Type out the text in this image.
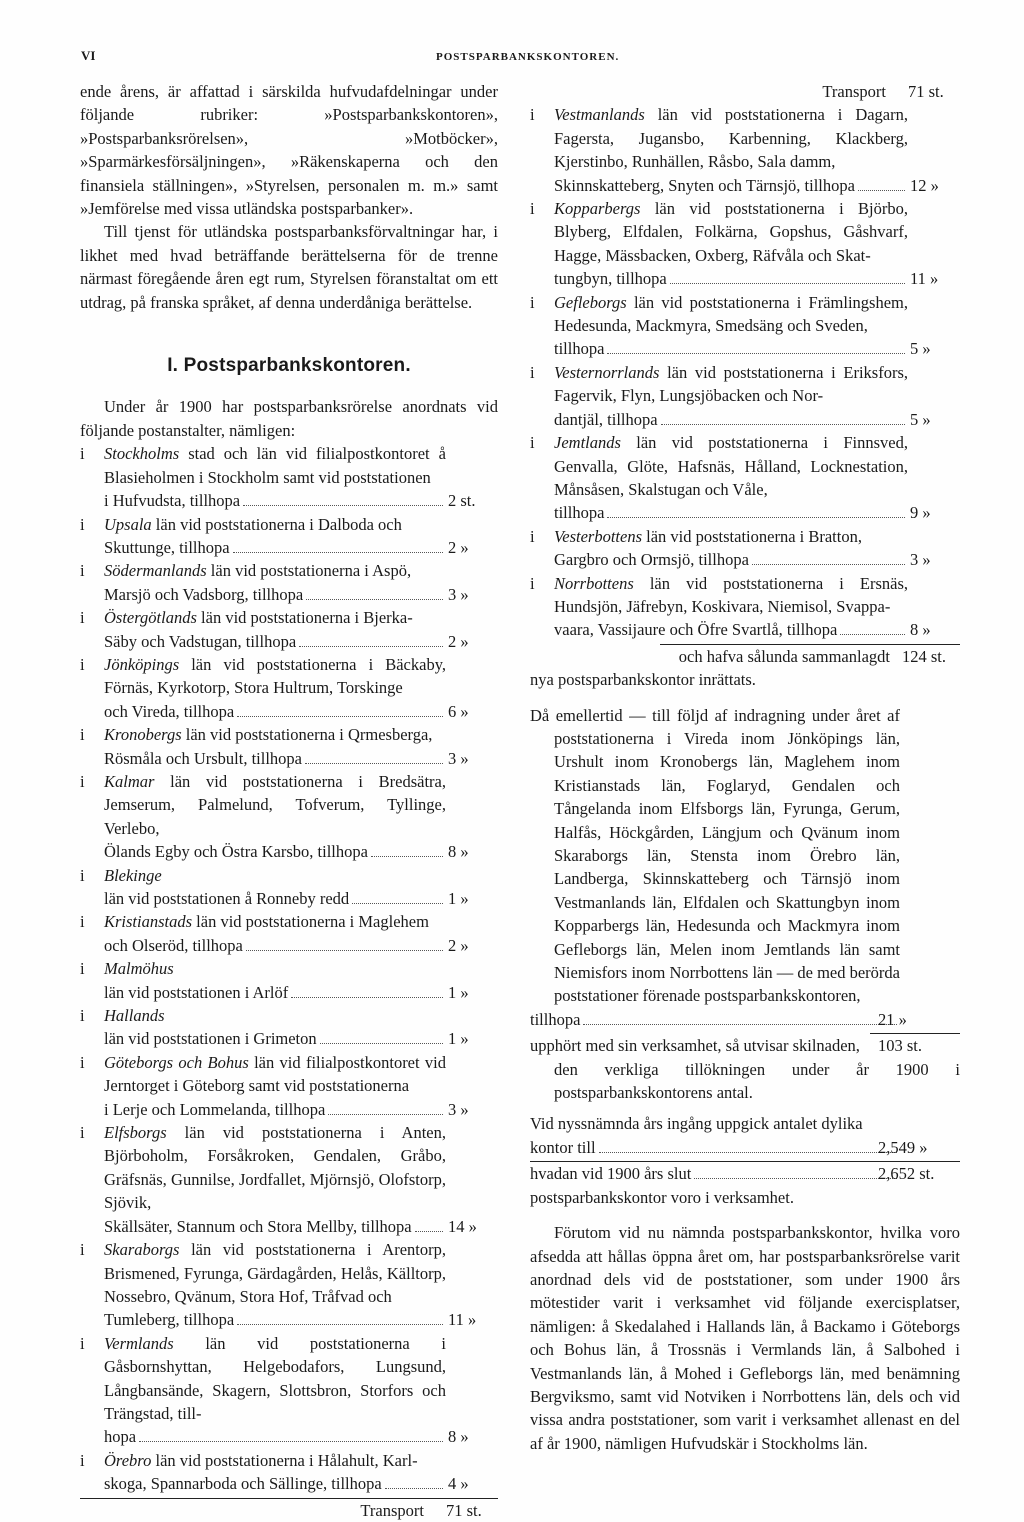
VI	POSTSPARBANKSKONTOREN.

ende årens, är affattad i särskilda hufvudafdelningar under följande rubriker: »Postsparbankskontoren», »Postsparbanksrörelsen», »Motböcker», »Sparmärkesförsäljningen», »Räkenskaperna och den finansiela ställningen», »Styrelsen, personalen m. m.» samt »Jemförelse med vissa utländska postsparbanker».

Till tjenst för utländska postsparbanksförvaltningar har, i likhet med hvad beträffande berättelserna för de trenne närmast föregående åren egt rum, Styrelsen föranstaltat om ett utdrag, på franska språket, af denna underdåniga berättelse.

I. Postsparbankskontoren.

Under år 1900 har postsparbanksrörelse anordnats vid följande postanstalter, nämligen:

i Stockholms stad och län vid filialpostkontoret å Blasieholmen i Stockholm samt vid poststationen
i Hufvudsta, tillhopa	2 st.
i Upsala län vid poststationerna i Dalboda och
Skuttunge, tillhopa	2 »
i Södermanlands län vid poststationerna i Aspö,
Marsjö och Vadsborg, tillhopa	3 »
i Östergötlands län vid poststationerna i Bjerka-
Säby och Vadstugan, tillhopa	2 »
i Jönköpings län vid poststationerna i Bäckaby, Förnäs, Kyrkotorp, Stora Hultrum, Torskinge
och Vireda, tillhopa	6 »
i Kronobergs län vid poststationerna i Qrmesberga,
Rösmåla och Ursbult, tillhopa	3 »
i Kalmar län vid poststationerna i Bredsätra, Jemserum, Palmelund, Tofverum, Tyllinge, Verlebo,
Ölands Egby och Östra Karsbo, tillhopa	8 »
i Blekinge
län vid poststationen å Ronneby redd	1 »
i Kristianstads län vid poststationerna i Maglehem
och Olseröd, tillhopa	2 »
i Malmöhus
län vid poststationen i Arlöf	1 »
i Hallands
län vid poststationen i Grimeton	1 »
i Göteborgs och Bohus län vid filialpostkontoret vid Jerntorget i Göteborg samt vid poststationerna
i Lerje och Lommelanda, tillhopa	3 »
i Elfsborgs län vid poststationerna i Anten, Björboholm, Forsåkroken, Gendalen, Gråbo, Gräfsnäs, Gunnilse, Jordfallet, Mjörnsjö, Olofstorp, Sjövik,
Skällsäter, Stannum och Stora Mellby, tillhopa 14 »
i Skaraborgs län vid poststationerna i Arentorp, Brismened, Fyrunga, Gärdagården, Helås, Källtorp, Nossebro, Qvänum, Stora Hof, Tråfvad och
Tumleberg, tillhopa	11 »
i Vermlands län vid poststationerna i Gåsbornshyttan, Helgebodafors, Lungsund, Långbansände, Skagern, Slottsbron, Storfors och Trängstad, till-
hopa	8 »
i Örebro län vid poststationerna i Hålahult, Karl-
skoga, Spannarboda och Sällinge, tillhopa	4 »
Transport 71 st.
Transport 71 st.
i Vestmanlands län vid poststationerna i Dagarn, Fagersta, Jugansbo, Karbenning, Klackberg, Kjerstinbo, Runhällen, Råsbo, Sala damm,
Skinnskatteberg, Snyten och Tärnsjö, tillhopa	12 »
i Kopparbergs län vid poststationerna i Björbo, Blyberg, Elfdalen, Folkärna, Gopshus, Gåshvarf, Hagge, Mässbacken, Oxberg, Räfvåla och Skat-
tungbyn, tillhopa	11 »
i Gefleborgs län vid poststationerna i Främlingshem, Hedesunda, Mackmyra, Smedsäng och Sveden,
tillhopa	5 »
i Vesternorrlands län vid poststationerna i Eriksfors, Fagervik, Flyn, Lungsjöbacken och Nor-
dantjäl, tillhopa	5 »
i Jemtlands län vid poststationerna i Finnsved, Genvalla, Glöte, Hafsnäs, Hålland, Locknestation, Månsåsen, Skalstugan och Våle,
tillhopa	9 »
i Vesterbottens län vid poststationerna i Bratton,
Gargbro och Ormsjö, tillhopa	3 »
i Norrbottens län vid poststationerna i Ersnäs, Hundsjön, Jäfrebyn, Koskivara, Niemisol, Svappa-
vaara, Vassijaure och Öfre Svartlå, tillhopa	8 »
och hafva sålunda sammanlagdt 124 st.

nya postsparbankskontor inrättats.

Då emellertid — till följd af indragning under året af poststationerna i Vireda inom Jönköpings län, Urshult inom Kronobergs län, Maglehem inom Kristianstads län, Foglaryd, Gendalen och Tångelanda inom Elfsborgs län, Fyrunga, Gerum, Halfås, Höckgården, Längjum och Qvänum inom Skaraborgs län, Stensta inom Örebro län, Landberga, Skinnskatteberg och Tärnsjö inom Vestmanlands län, Elfdalen och Skattungbyn inom Kopparbergs län, Hedesunda och Mackmyra inom Gefleborgs län, Melen inom Jemtlands län samt Niemisfors inom Norrbottens län — de med berörda poststationer förenade postsparbankskontoren,
tillhopa	21 »
upphört med sin verksamhet, så utvisar skilnaden, 103 st.

den verkliga tillökningen under år 1900 i postsparbankskontorens antal.

Vid nyssnämnda års ingång uppgick antalet dylika
kontor till	2,549 »
hvadan vid 1900 års slut	2,652 st.

postsparbankskontor voro i verksamhet.

Förutom vid nu nämnda postsparbankskontor, hvilka voro afsedda att hållas öppna året om, har postsparbanksrörelse varit anordnad dels vid de poststationer, som under 1900 års mötestider varit i verksamhet vid följande exercisplatser, nämligen: å Skedalahed i Hallands län, å Backamo i Göteborgs och Bohus län, å Trossnäs i Vermlands län, å Salbohed i Vestmanlands län, å Mohed i Gefleborgs län, med benämning Bergviksmo, samt vid Notviken i Norrbottens län, dels och vid vissa andra poststationer, som varit i verksamhet allenast en del af år 1900, nämligen Hufvudskär i Stockholms län.
